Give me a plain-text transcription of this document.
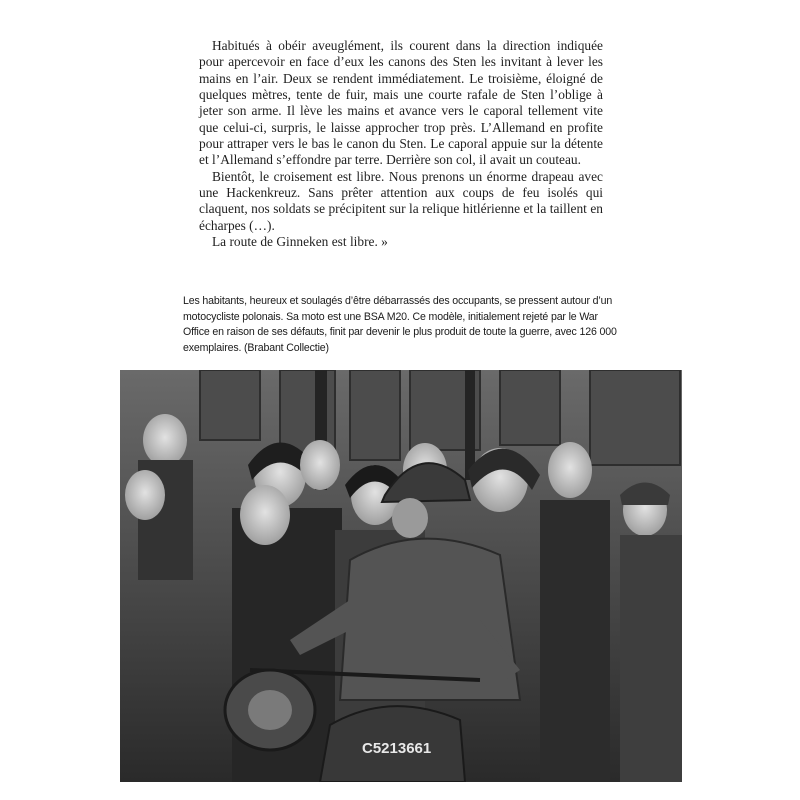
Habitués à obéir aveuglément, ils courent dans la direction indiquée pour apercevoir en face d’eux les canons des Sten les invitant à lever les mains en l’air. Deux se rendent immédiatement. Le troisième, éloigné de quelques mètres, tente de fuir, mais une courte rafale de Sten l’oblige à jeter son arme. Il lève les mains et avance vers le caporal tellement vite que celui-ci, surpris, le laisse approcher trop près. L’Allemand en profite pour attraper vers le bas le canon du Sten. Le caporal appuie sur la détente et l’Allemand s’effondre par terre. Derrière son col, il avait un couteau.

Bientôt, le croisement est libre. Nous prenons un énorme drapeau avec une Hackenkreuz. Sans prêter attention aux coups de feu isolés qui claquent, nos soldats se précipitent sur la relique hitlérienne et la taillent en écharpes (…).

La route de Ginneken est libre. »

Les habitants, heureux et soulagés d’être débarrassés des occupants, se pressent autour d’un motocycliste polonais. Sa moto est une BSA M20. Ce modèle, initialement rejeté par le War Office en raison de ses défauts, finit par devenir le plus produit de toute la guerre, avec 126 000 exemplaires. (Brabant Collectie)
C5213661
